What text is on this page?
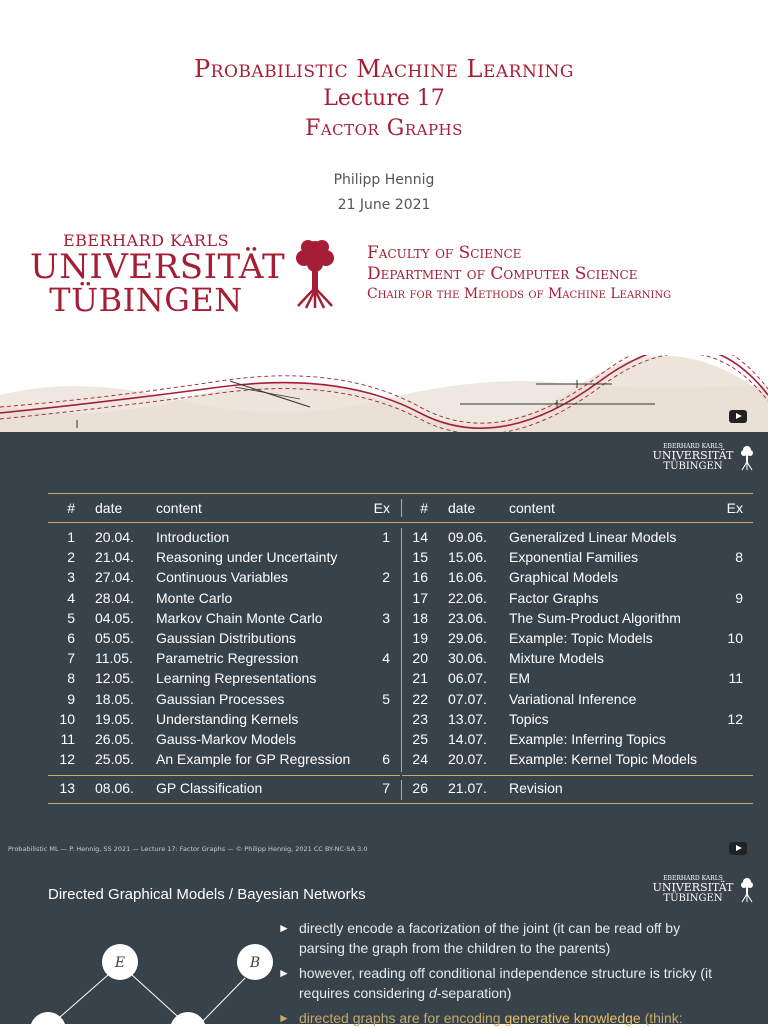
Probabilistic Machine Learning
Lecture 17
Factor Graphs
Philipp Hennig
21 June 2021
EBERHARD KARLS
UNIVERSITÄT
TÜBINGEN
Faculty of Science
Department of Computer Science
Chair for the Methods of Machine Learning
EBERHARD KARLS
UNIVERSITÄT
TÜBINGEN
# date content	Ex	# date content	Ex
1 20.04. Introduction	1
2 21.04. Reasoning under Uncertainty
3 27.04. Continuous Variables	2
4 28.04. Monte Carlo
5 04.05. Markov Chain Monte Carlo	3
6 05.05. Gaussian Distributions
7 11.05. Parametric Regression	4
8 12.05. Learning Representations
9 18.05. Gaussian Processes	5
10 19.05. Understanding Kernels
11 26.05. Gauss-Markov Models
12 25.05. An Example for GP Regression	6
13 08.06. GP Classification	7
14 09.06. Generalized Linear Models
15 15.06. Exponential Families	8
16 16.06. Graphical Models
17 22.06. Factor Graphs	9
18 23.06. The Sum-Product Algorithm
19 29.06. Example: Topic Models	10
20 30.06. Mixture Models
21 06.07. EM	11
22 07.07. Variational Inference
23 13.07. Topics	12
25 14.07. Example: Inferring Topics
24 20.07. Example: Kernel Topic Models
26 21.07. Revision
Probabilistic ML — P. Hennig, SS 2021 — Lecture 17: Factor Graphs — © Philipp Hennig, 2021 CC BY-NC-SA 3.0
EBERHARD KARLS
UNIVERSITÄT
TÜBINGEN
Directed Graphical Models / Bayesian Networks
E	B
► directly encode a facorization of the joint (it can be read off by parsing the graph from the children to the parents)
► however, reading off conditional independence structure is tricky (it requires considering d-separation)
► directed graphs are for encoding generative knowledge (think:
